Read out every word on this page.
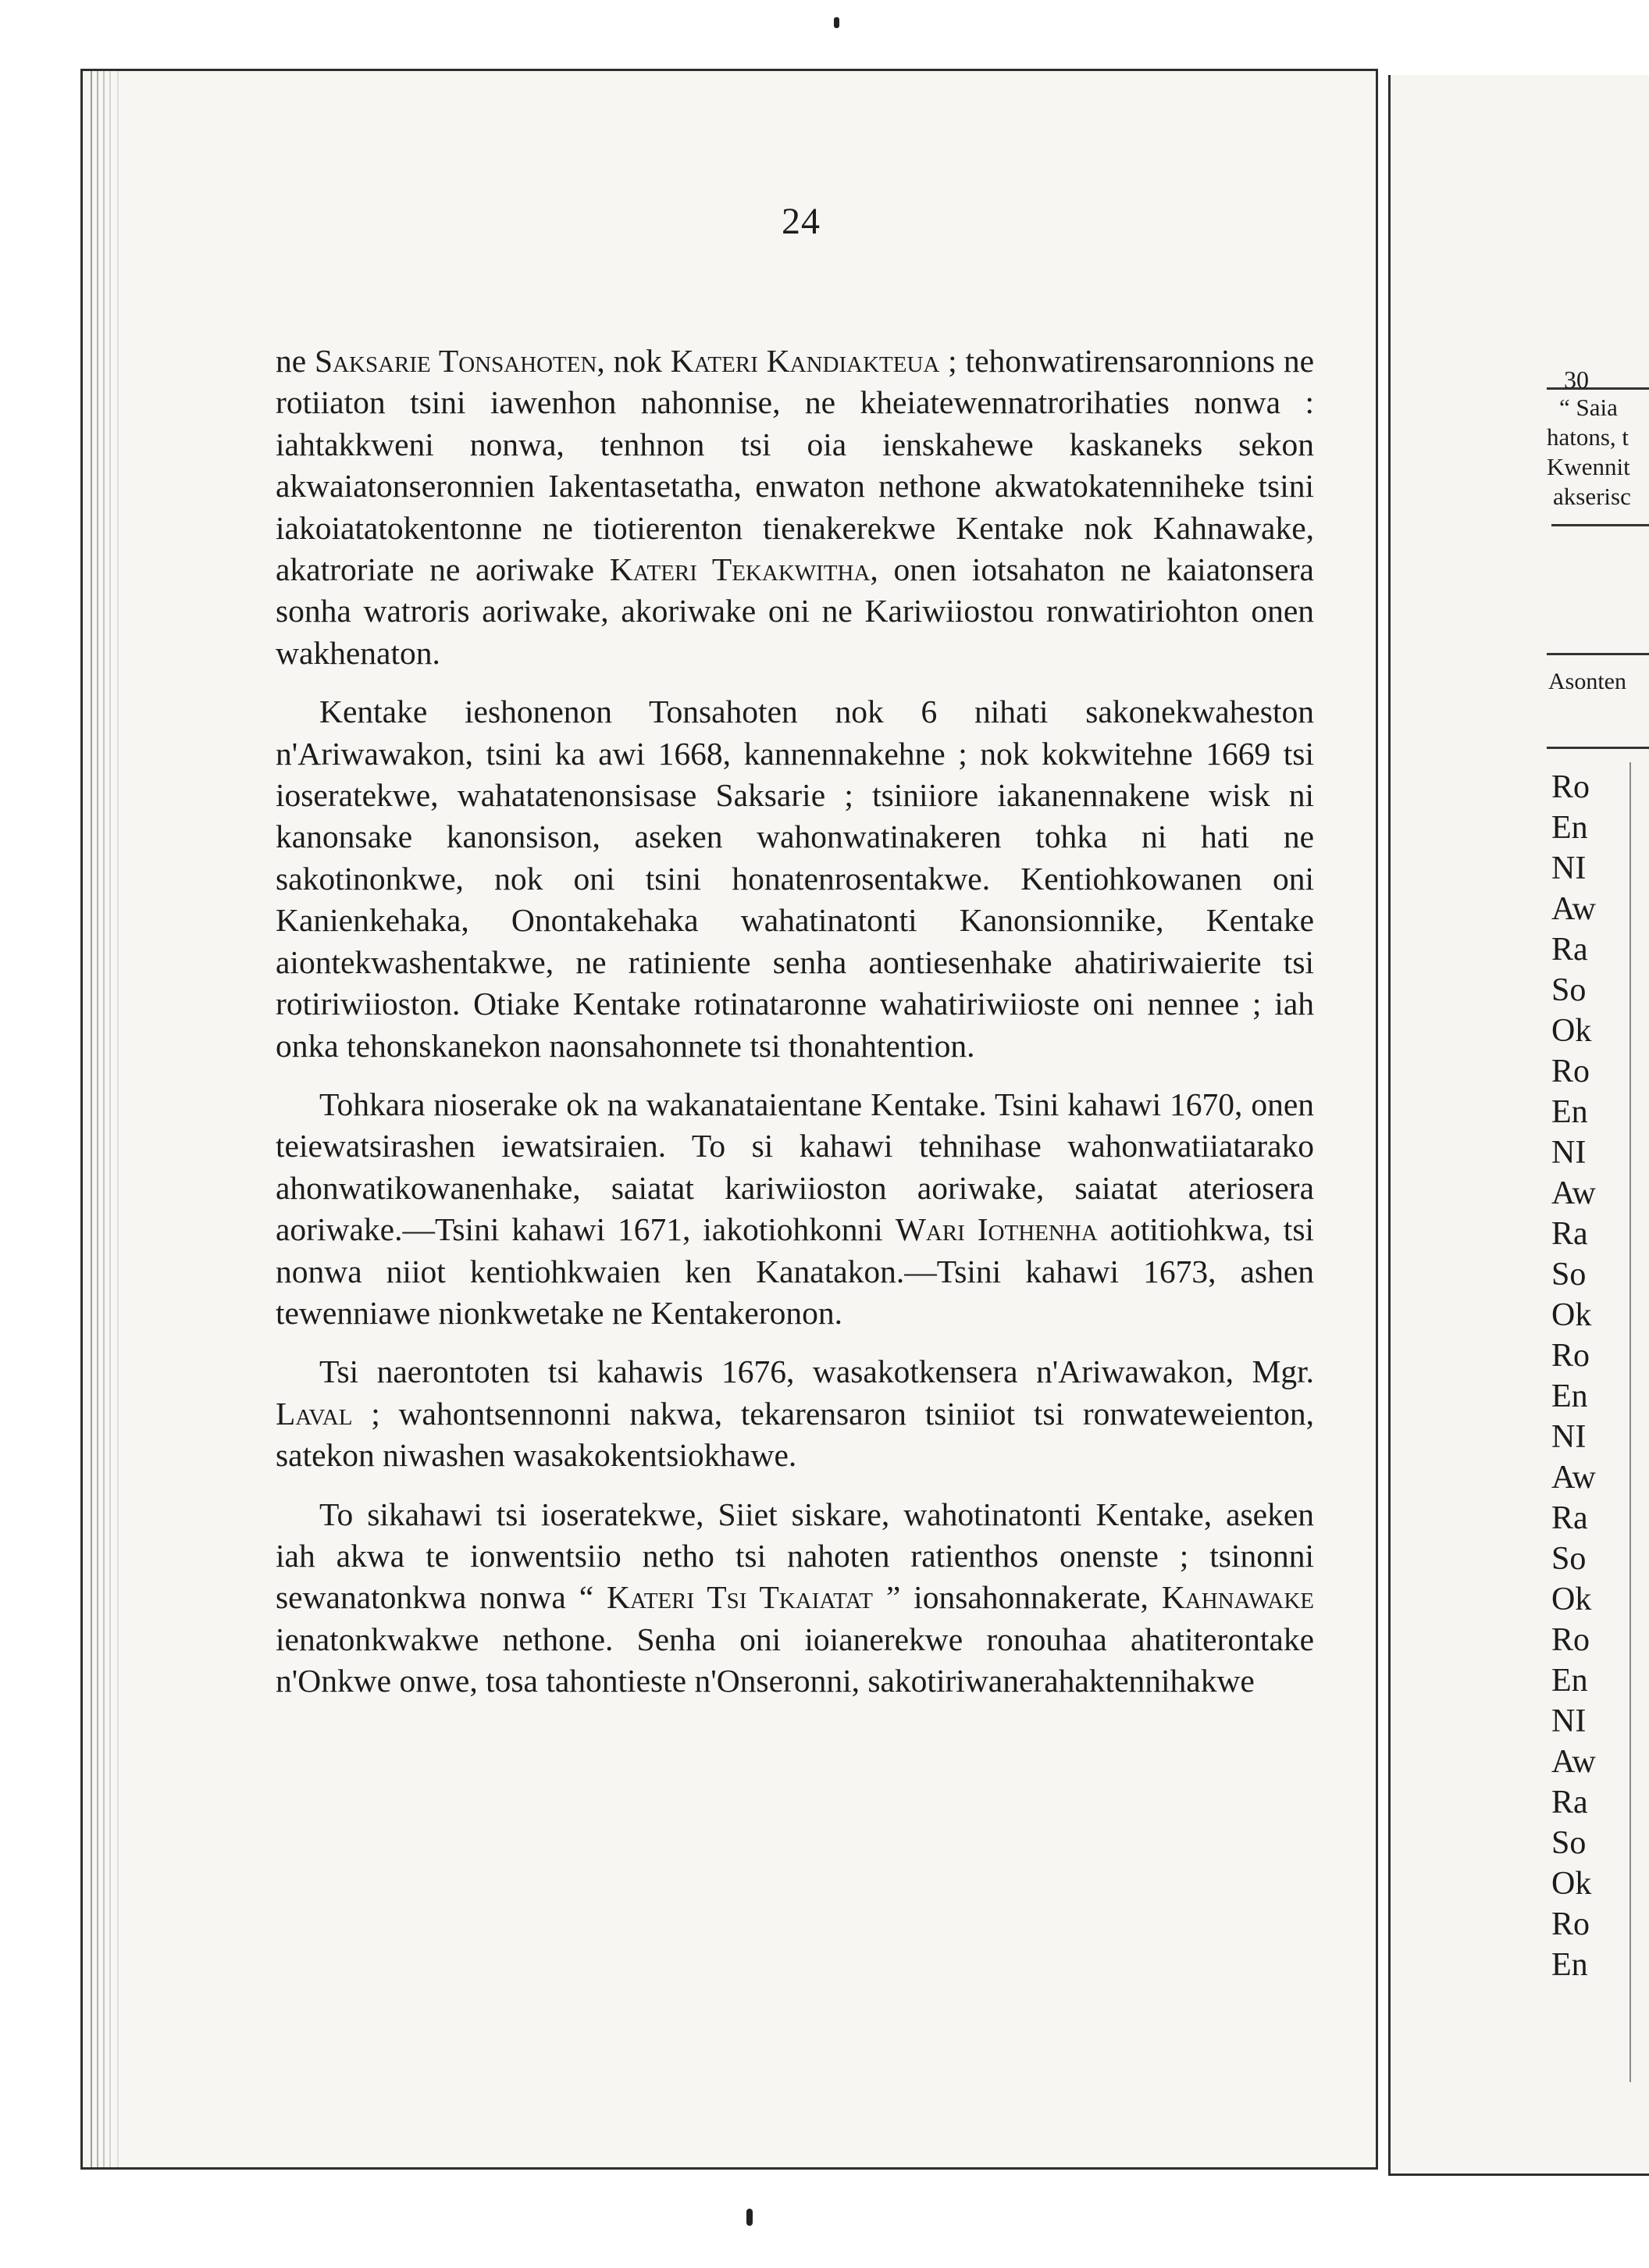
24

ne Saksarie Tonsahoten, nok Kateri Kandiakteua ; tehonwatirensaronnions ne rotiiaton tsini iawenhon nahonnise, ne kheiatewennatrorihaties nonwa : iahtakkweni nonwa, tenhnon tsi oia ienskahewe kaskaneks sekon akwaiatonseronnien Iakentasetatha, enwaton nethone akwatokatenniheke tsini iakoiatatokentonne ne tiotierenton tienakerekwe Kentake nok Kahnawake, akatroriate ne aoriwake Kateri Tekakwitha, onen iotsahaton ne kaiatonsera sonha watroris aoriwake, akoriwake oni ne Kariwiiostou ronwatiriohton onen wakhenaton.

Kentake ieshonenon Tonsahoten nok 6 nihati sakonekwaheston n'Ariwawakon, tsini ka awi 1668, kannennakehne ; nok kokwitehne 1669 tsi ioseratekwe, wahatatenonsisase Saksarie ; tsiniiore iakanennakene wisk ni kanonsake kanonsison, aseken wahonwatinakeren tohka ni hati ne sakotinonkwe, nok oni tsini honatenrosentakwe. Kentiohkowanen oni Kanienkehaka, Onontakehaka wahatinatonti Kanonsionnike, Kentake aiontekwashentakwe, ne ratiniente senha aontiesenhake ahatiriwaierite tsi rotiriwiioston. Otiake Kentake rotinataronne wahatiriwiioste oni nennee ; iah onka tehonskanekon naonsahonnete tsi thonahtention.

Tohkara nioserake ok na wakanataientane Kentake. Tsini kahawi 1670, onen teiewatsirashen iewatsiraien. To si kahawi tehnihase wahonwatiiatarako ahonwatikowanenhake, saiatat kariwiioston aoriwake, saiatat ateriosera aoriwake.—Tsini kahawi 1671, iakotiohkonni Wari Iothenha aotitiohkwa, tsi nonwa niiot kentiohkwaien ken Kanatakon.—Tsini kahawi 1673, ashen tewenniawe nionkwetake ne Kentakeronon.

Tsi naerontoten tsi kahawis 1676, wasakotkensera n'Ariwawakon, Mgr. Laval ; wahontsennonni nakwa, tekarensaron tsiniiot tsi ronwateweienton, satekon niwashen wasakokentsiokhawe.

To sikahawi tsi ioseratekwe, Siiet siskare, wahotinatonti Kentake, aseken iah akwa te ionwentsiio netho tsi nahoten ratienthos onenste ; tsinonni sewanatonkwa nonwa “ Kateri Tsi Tkaiatat ” ionsahonnakerate, Kahnawake ienatonkwakwe nethone. Senha oni ioianerekwe ronouhaa ahatiterontake n'Onkwe onwe, tosa tahontieste n'Onseronni, sakotiriwanerahaktennihakwe

30
“ Saia
hatons, t
Kwennit
akserisc
Asonten
Ro
En
NI
Aw
Ra
So
Ok
Ro
En
NI
Aw
Ra
So
Ok
Ro
En
NI
Aw
Ra
So
Ok
Ro
En
NI
Aw
Ra
So
Ok
Ro
En
